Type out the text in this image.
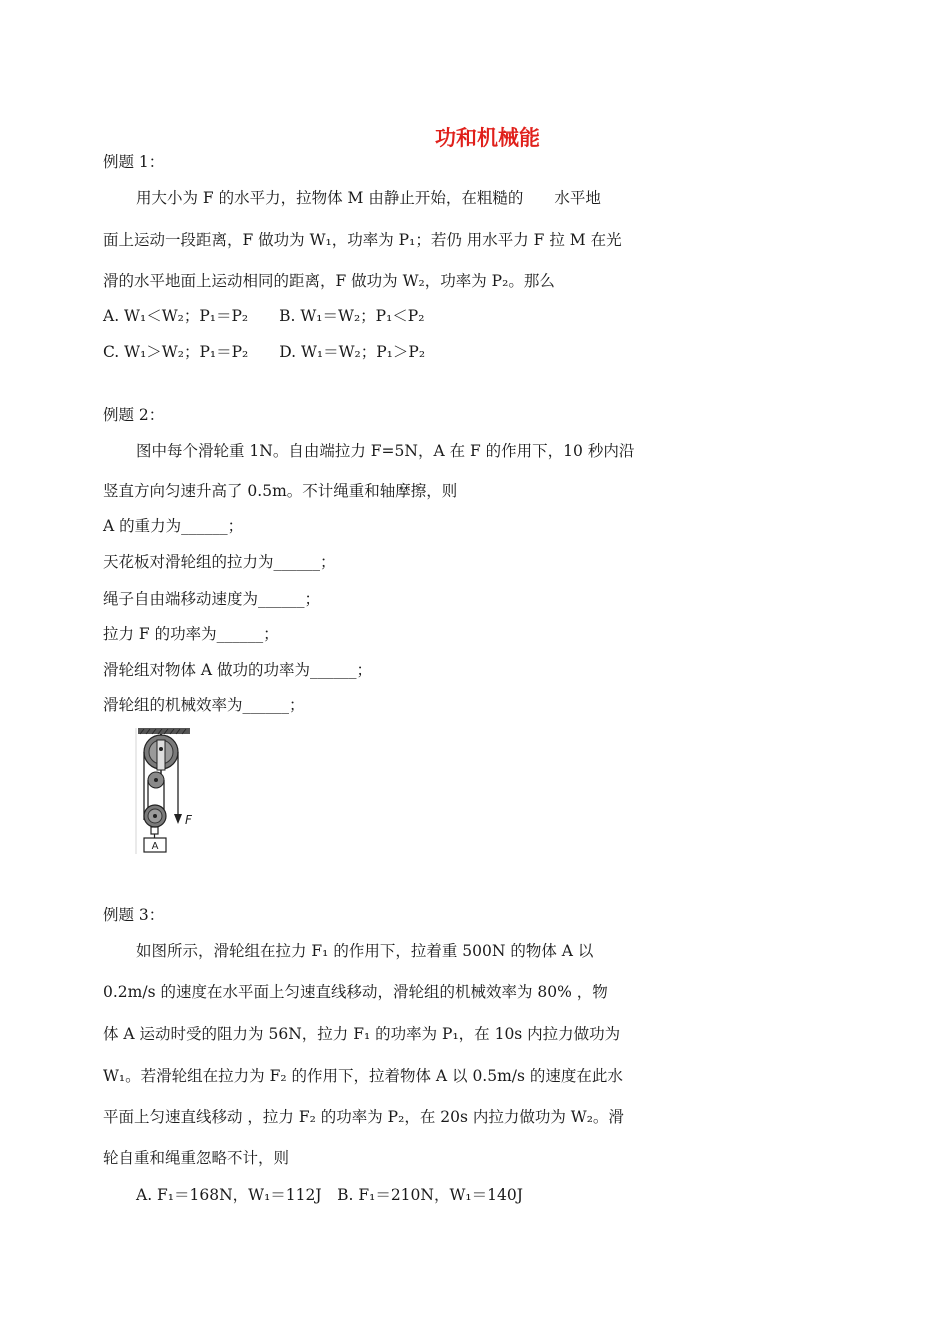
功和机械能
例题 1：
用大小为 F 的水平力，拉物体 M 由静止开始，在粗糙的　　水平地
面上运动一段距离，F 做功为 W₁，功率为 P₁；若仍 用水平力 F 拉 M 在光
滑的水平地面上运动相同的距离，F 做功为 W₂，功率为 P₂。那么
A. W₁＜W₂；P₁＝P₂　　B. W₁＝W₂；P₁＜P₂
C. W₁＞W₂；P₁＝P₂　　D. W₁＝W₂；P₁＞P₂
例题 2：
图中每个滑轮重 1N。自由端拉力 F=5N，A 在 F 的作用下，10 秒内沿
竖直方向匀速升高了 0.5m。不计绳重和轴摩擦，则
A 的重力为______；
天花板对滑轮组的拉力为______；
绳子自由端移动速度为______；
拉力 F 的功率为______；
滑轮组对物体 A 做功的功率为______；
滑轮组的机械效率为______；
F
A
例题 3：
如图所示，滑轮组在拉力 F₁ 的作用下，拉着重 500N 的物体 A 以
0.2m/s 的速度在水平面上匀速直线移动，滑轮组的机械效率为 80% ，物
体 A 运动时受的阻力为 56N，拉力 F₁ 的功率为 P₁，在 10s 内拉力做功为
W₁。若滑轮组在拉力为 F₂ 的作用下，拉着物体 A 以 0.5m/s 的速度在此水
平面上匀速直线移动 ，拉力 F₂ 的功率为 P₂，在 20s 内拉力做功为 W₂。滑
轮自重和绳重忽略不计，则
A. F₁＝168N，W₁＝112J　B. F₁＝210N，W₁＝140J
